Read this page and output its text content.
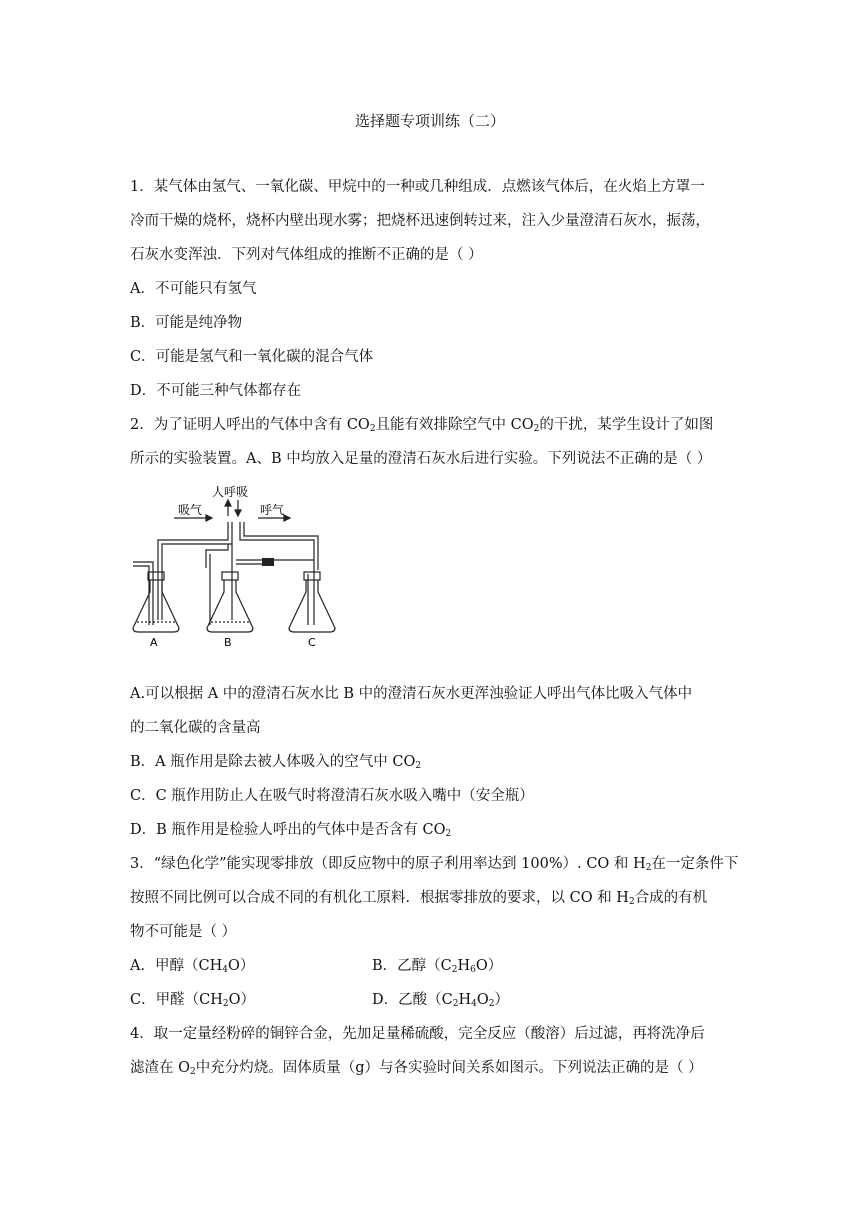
选择题专项训练（二）
1．某气体由氢气、一氧化碳、甲烷中的一种或几种组成．点燃该气体后，在火焰上方罩一
冷而干燥的烧杯，烧杯内壁出现水雾；把烧杯迅速倒转过来，注入少量澄清石灰水，振荡，
石灰水变浑浊．下列对气体组成的推断不正确的是（ ）
A．不可能只有氢气
B．可能是纯净物
C．可能是氢气和一氧化碳的混合气体
D．不可能三种气体都存在
2．为了证明人呼出的气体中含有 $CO_2$且能有效排除空气中 $CO_2$的干扰，某学生设计了如图
所示的实验装置。A、B 中均放入足量的澄清石灰水后进行实验。下列说法不正确的是（ ）
人呼吸
吸气	呼气
A	B	C
A.可以根据 A 中的澄清石灰水比 B 中的澄清石灰水更浑浊验证人呼出气体比吸入气体中
的二氧化碳的含量高
B．A 瓶作用是除去被人体吸入的空气中 $CO_2$
C．C 瓶作用防止人在吸气时将澄清石灰水吸入嘴中（安全瓶）
D．B 瓶作用是检验人呼出的气体中是否含有 $CO_2$
3．“绿色化学”能实现零排放（即反应物中的原子利用率达到 100%）. CO 和 $H_2$在一定条件下
按照不同比例可以合成不同的有机化工原料．根据零排放的要求，以 CO 和 $H_2$合成的有机
物不可能是（ ）
A．甲醇$(CH_4O)$	B．乙醇$(C_2H_6O)$
C．甲醛$(CH_2O)$	D．乙酸$(C_2H_4O_2)$
4．取一定量经粉碎的铜锌合金，先加足量稀硫酸，完全反应（酸溶）后过滤，再将洗净后
滤渣在 $O_2$中充分灼烧。固体质量（g）与各实验时间关系如图示。下列说法正确的是（ ）
